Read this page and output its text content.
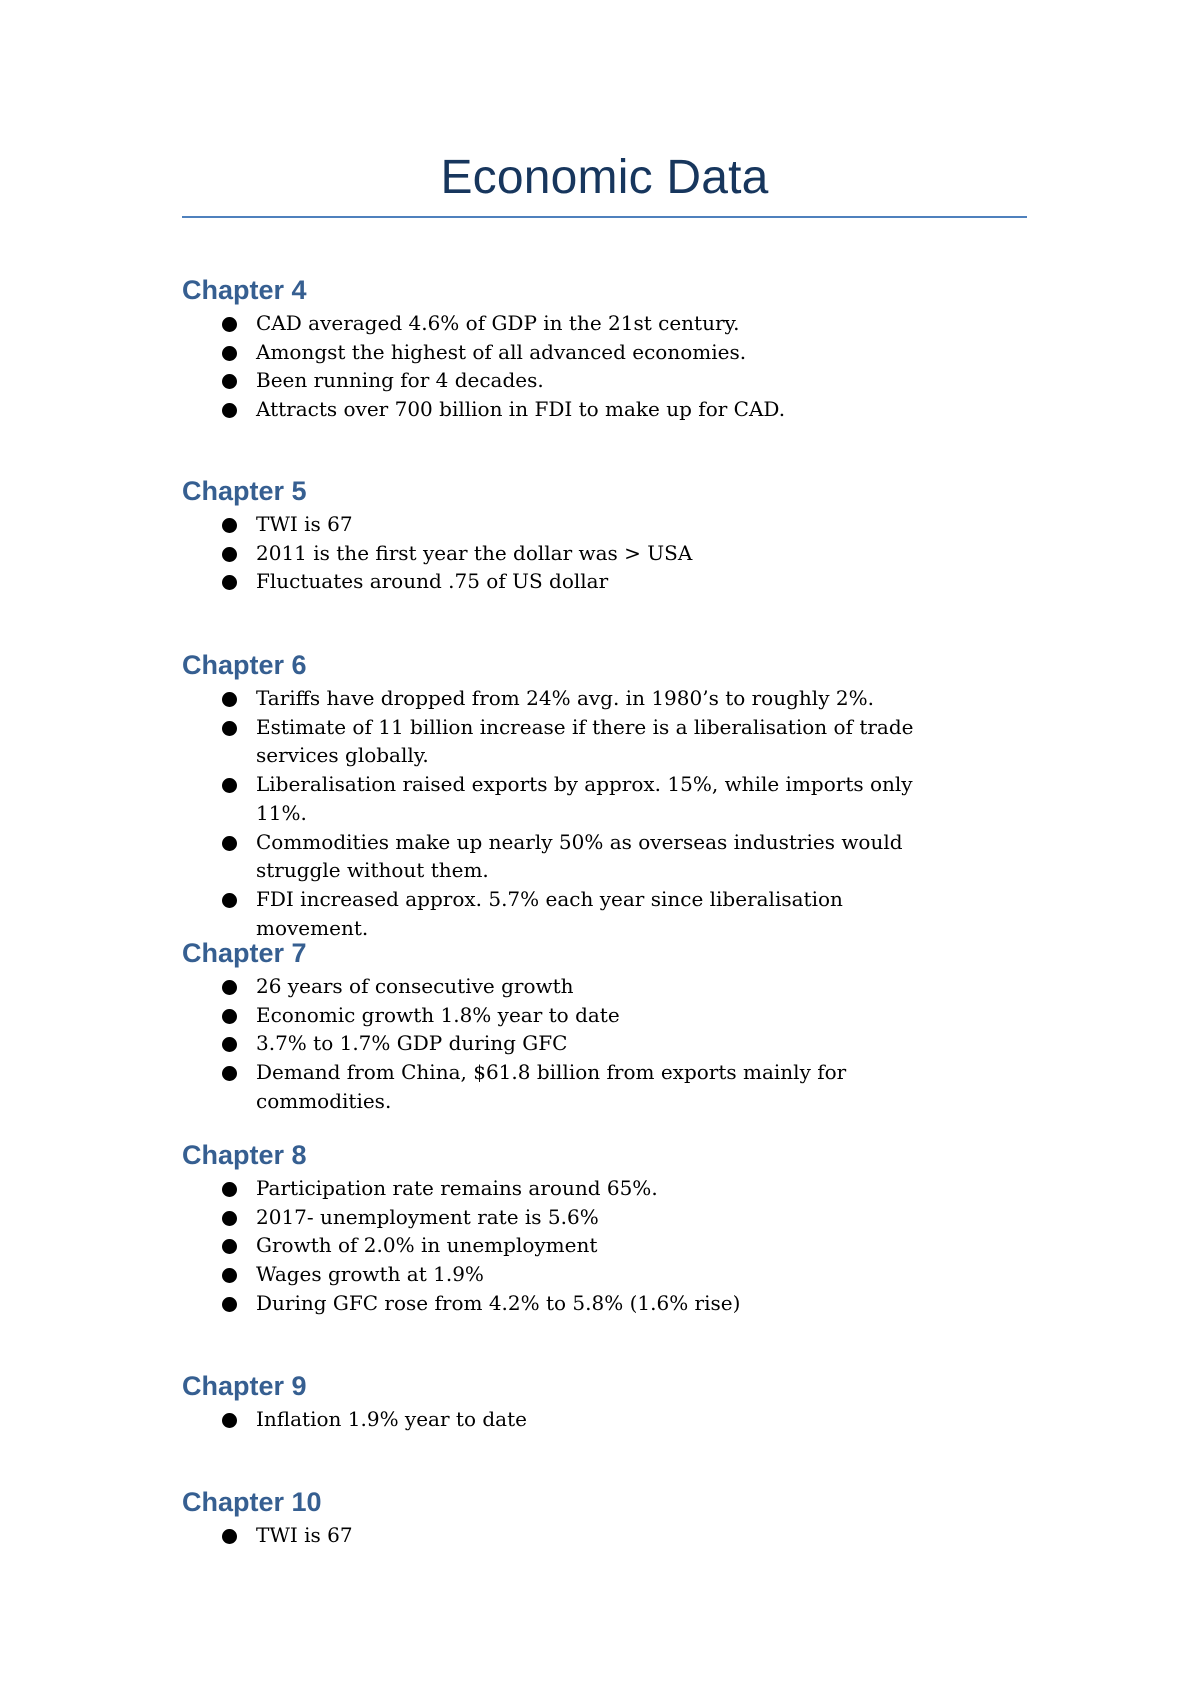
Economic Data
Chapter 4
CAD averaged 4.6% of GDP in the 21st century.
Amongst the highest of all advanced economies.
Been running for 4 decades.
Attracts over 700 billion in FDI to make up for CAD.
Chapter 5
TWI is 67
2011 is the first year the dollar was > USA
Fluctuates around .75 of US dollar
Chapter 6
Tariffs have dropped from 24% avg. in 1980’s to roughly 2%.
Estimate of 11 billion increase if there is a liberalisation of trade services globally.
Liberalisation raised exports by approx. 15%, while imports only 11%.
Commodities make up nearly 50% as overseas industries would struggle without them.
FDI increased approx. 5.7% each year since liberalisation movement.
Chapter 7
26 years of consecutive growth
Economic growth 1.8% year to date
3.7% to 1.7% GDP during GFC
Demand from China, $61.8 billion from exports mainly for commodities.
Chapter 8
Participation rate remains around 65%.
2017- unemployment rate is 5.6%
Growth of 2.0% in unemployment
Wages growth at 1.9%
During GFC rose from 4.2% to 5.8% (1.6% rise)
Chapter 9
Inflation 1.9% year to date
Chapter 10
TWI is 67
